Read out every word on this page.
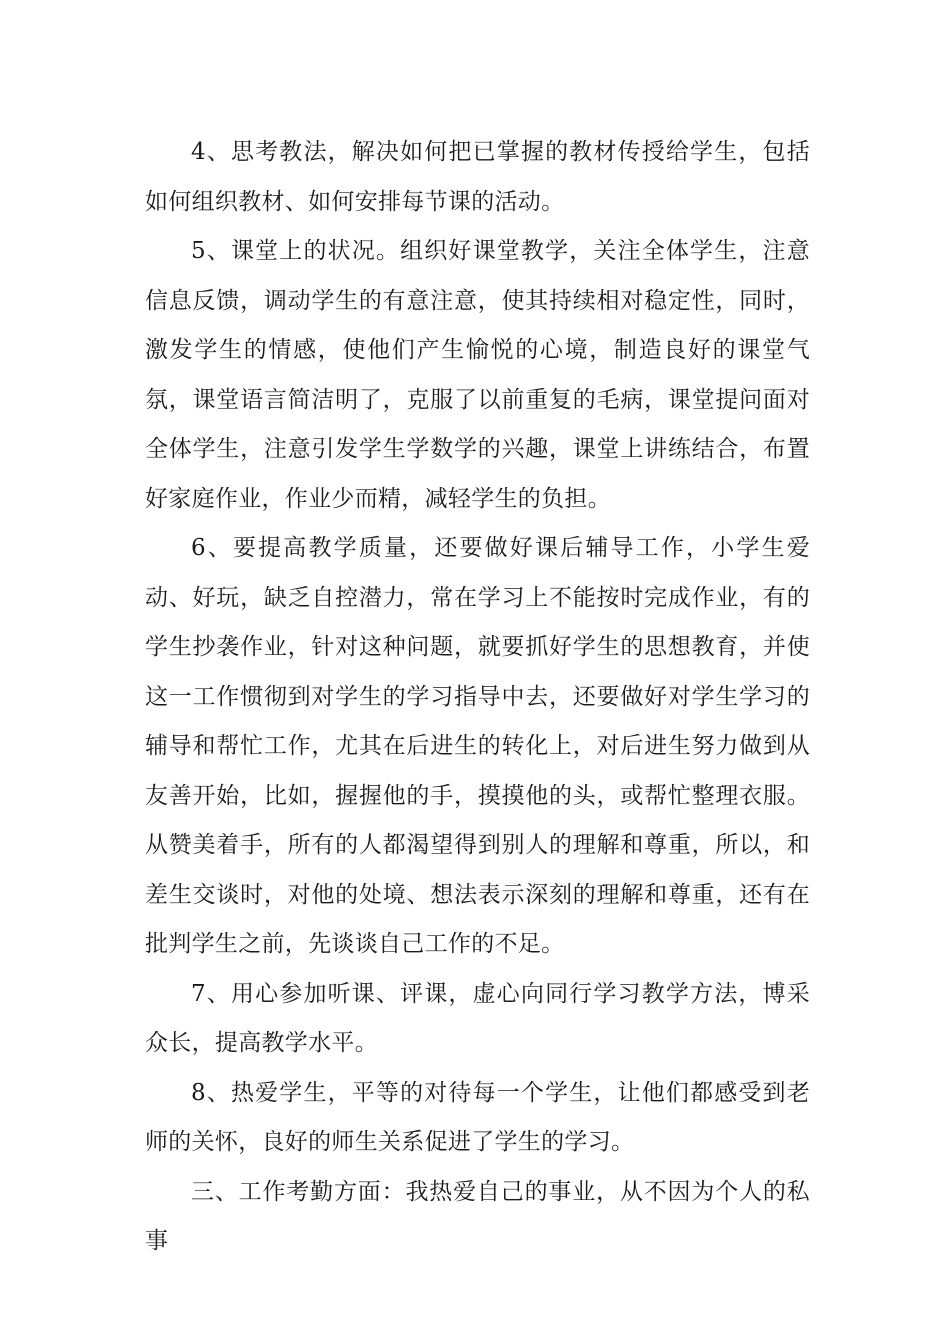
4、思考教法，解决如何把已掌握的教材传授给学生，包括如何组织教材、如何安排每节课的活动。

5、课堂上的状况。组织好课堂教学，关注全体学生，注意信息反馈，调动学生的有意注意，使其持续相对稳定性，同时，激发学生的情感，使他们产生愉悦的心境，制造良好的课堂气氛，课堂语言简洁明了，克服了以前重复的毛病，课堂提问面对全体学生，注意引发学生学数学的兴趣，课堂上讲练结合，布置好家庭作业，作业少而精，减轻学生的负担。

6、要提高教学质量，还要做好课后辅导工作，小学生爱动、好玩，缺乏自控潜力，常在学习上不能按时完成作业，有的学生抄袭作业，针对这种问题，就要抓好学生的思想教育，并使这一工作惯彻到对学生的学习指导中去，还要做好对学生学习的辅导和帮忙工作，尤其在后进生的转化上，对后进生努力做到从友善开始，比如，握握他的手，摸摸他的头，或帮忙整理衣服。从赞美着手，所有的人都渴望得到别人的理解和尊重，所以，和差生交谈时，对他的处境、想法表示深刻的理解和尊重，还有在批判学生之前，先谈谈自己工作的不足。

7、用心参加听课、评课，虚心向同行学习教学方法，博采众长，提高教学水平。

8、热爱学生，平等的对待每一个学生，让他们都感受到老师的关怀，良好的师生关系促进了学生的学习。

三、工作考勤方面：我热爱自己的事业，从不因为个人的私事
